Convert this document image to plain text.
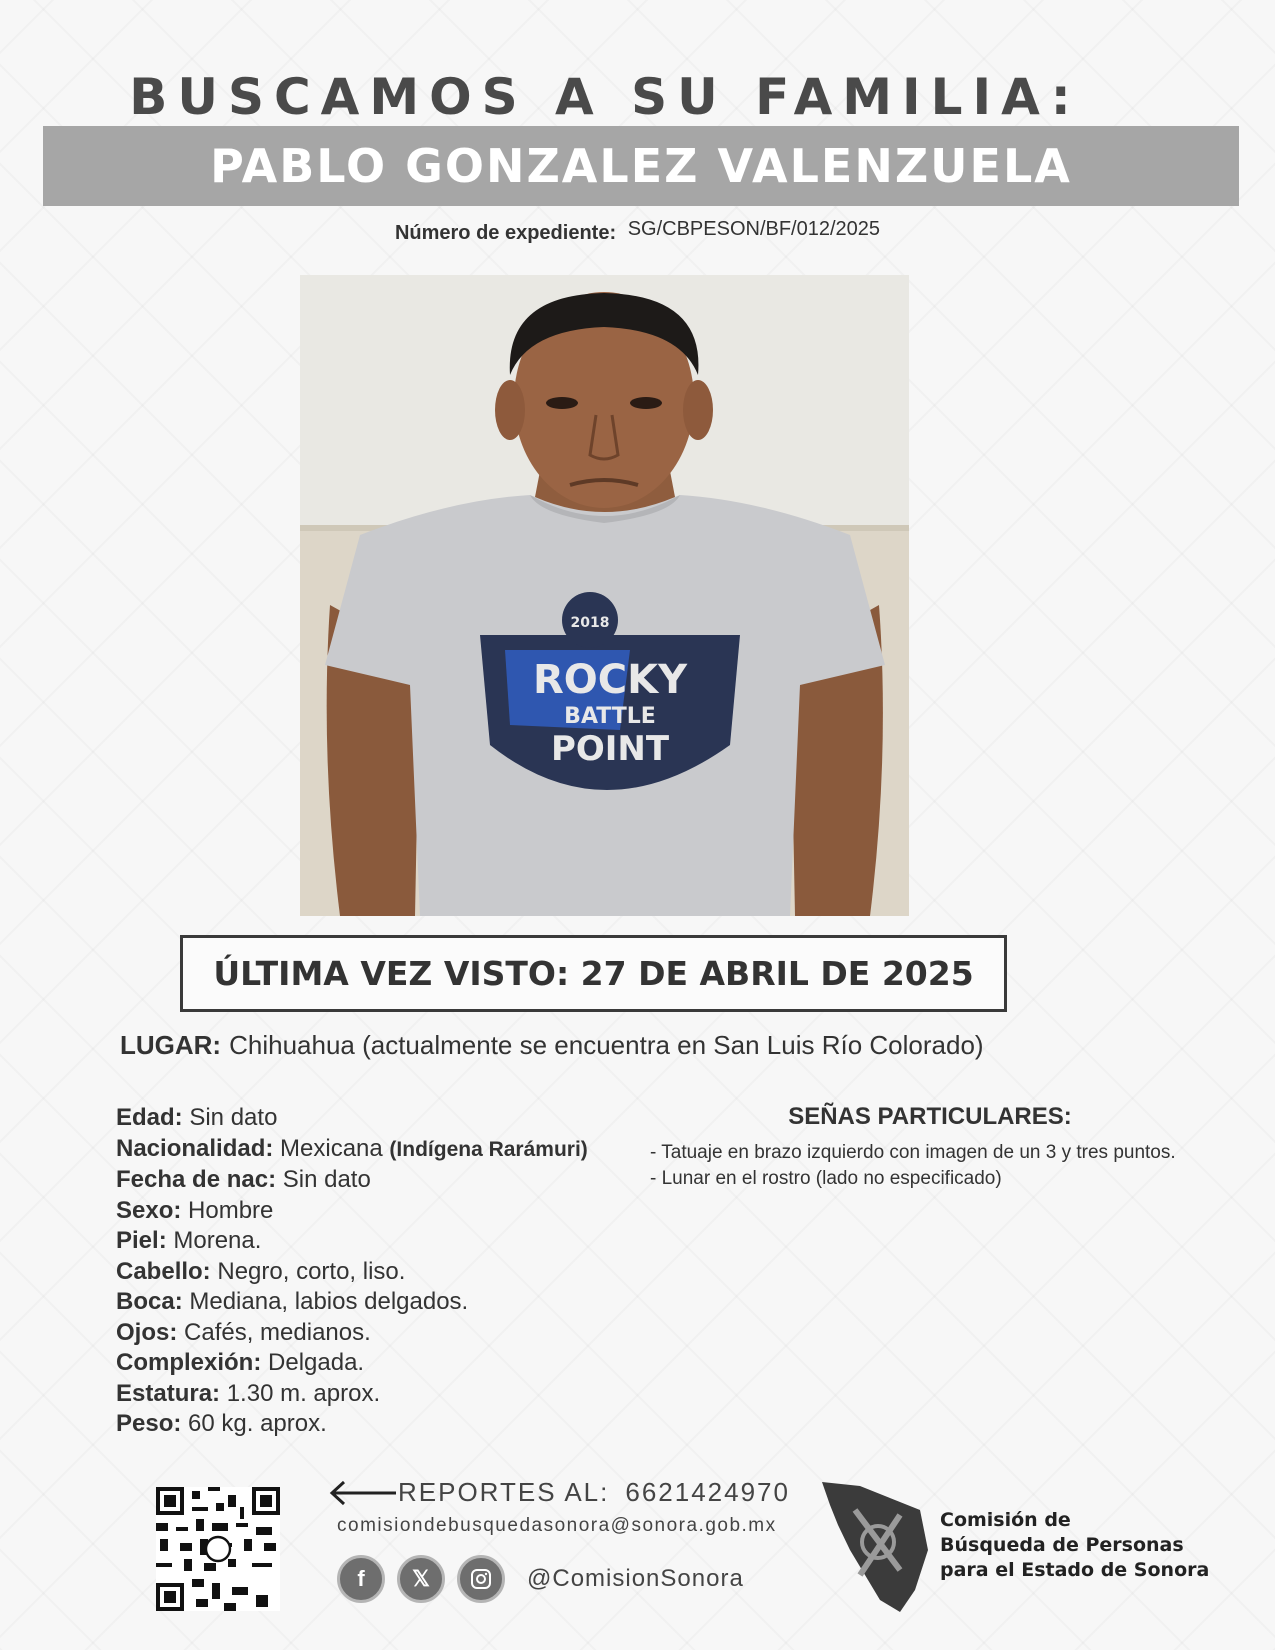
BUSCAMOS A SU FAMILIA:
PABLO GONZALEZ VALENZUELA
Número de expediente: SG/CBPESON/BF/012/2025
2018
ROCKY
BATTLE
POINT
ÚLTIMA VEZ VISTO: 27 DE ABRIL DE 2025
LUGAR: Chihuahua (actualmente se encuentra en San Luis Río Colorado)
Edad: Sin dato
Nacionalidad: Mexicana (Indígena Rarámuri)
Fecha de nac: Sin dato
Sexo: Hombre
Piel: Morena.
Cabello: Negro, corto, liso.
Boca: Mediana, labios delgados.
Ojos: Cafés, medianos.
Complexión: Delgada.
Estatura: 1.30 m. aprox.
Peso: 60 kg. aprox.
SEÑAS PARTICULARES:
- Tatuaje en brazo izquierdo con imagen de un 3 y tres puntos.
- Lunar en el rostro (lado no especificado)
REPORTES AL: 6621424970
comisiondebusquedasonora@sonora.gob.mx
f	𝕏	@ComisionSonora
Comisión de
Búsqueda de Personas
para el Estado de Sonora
